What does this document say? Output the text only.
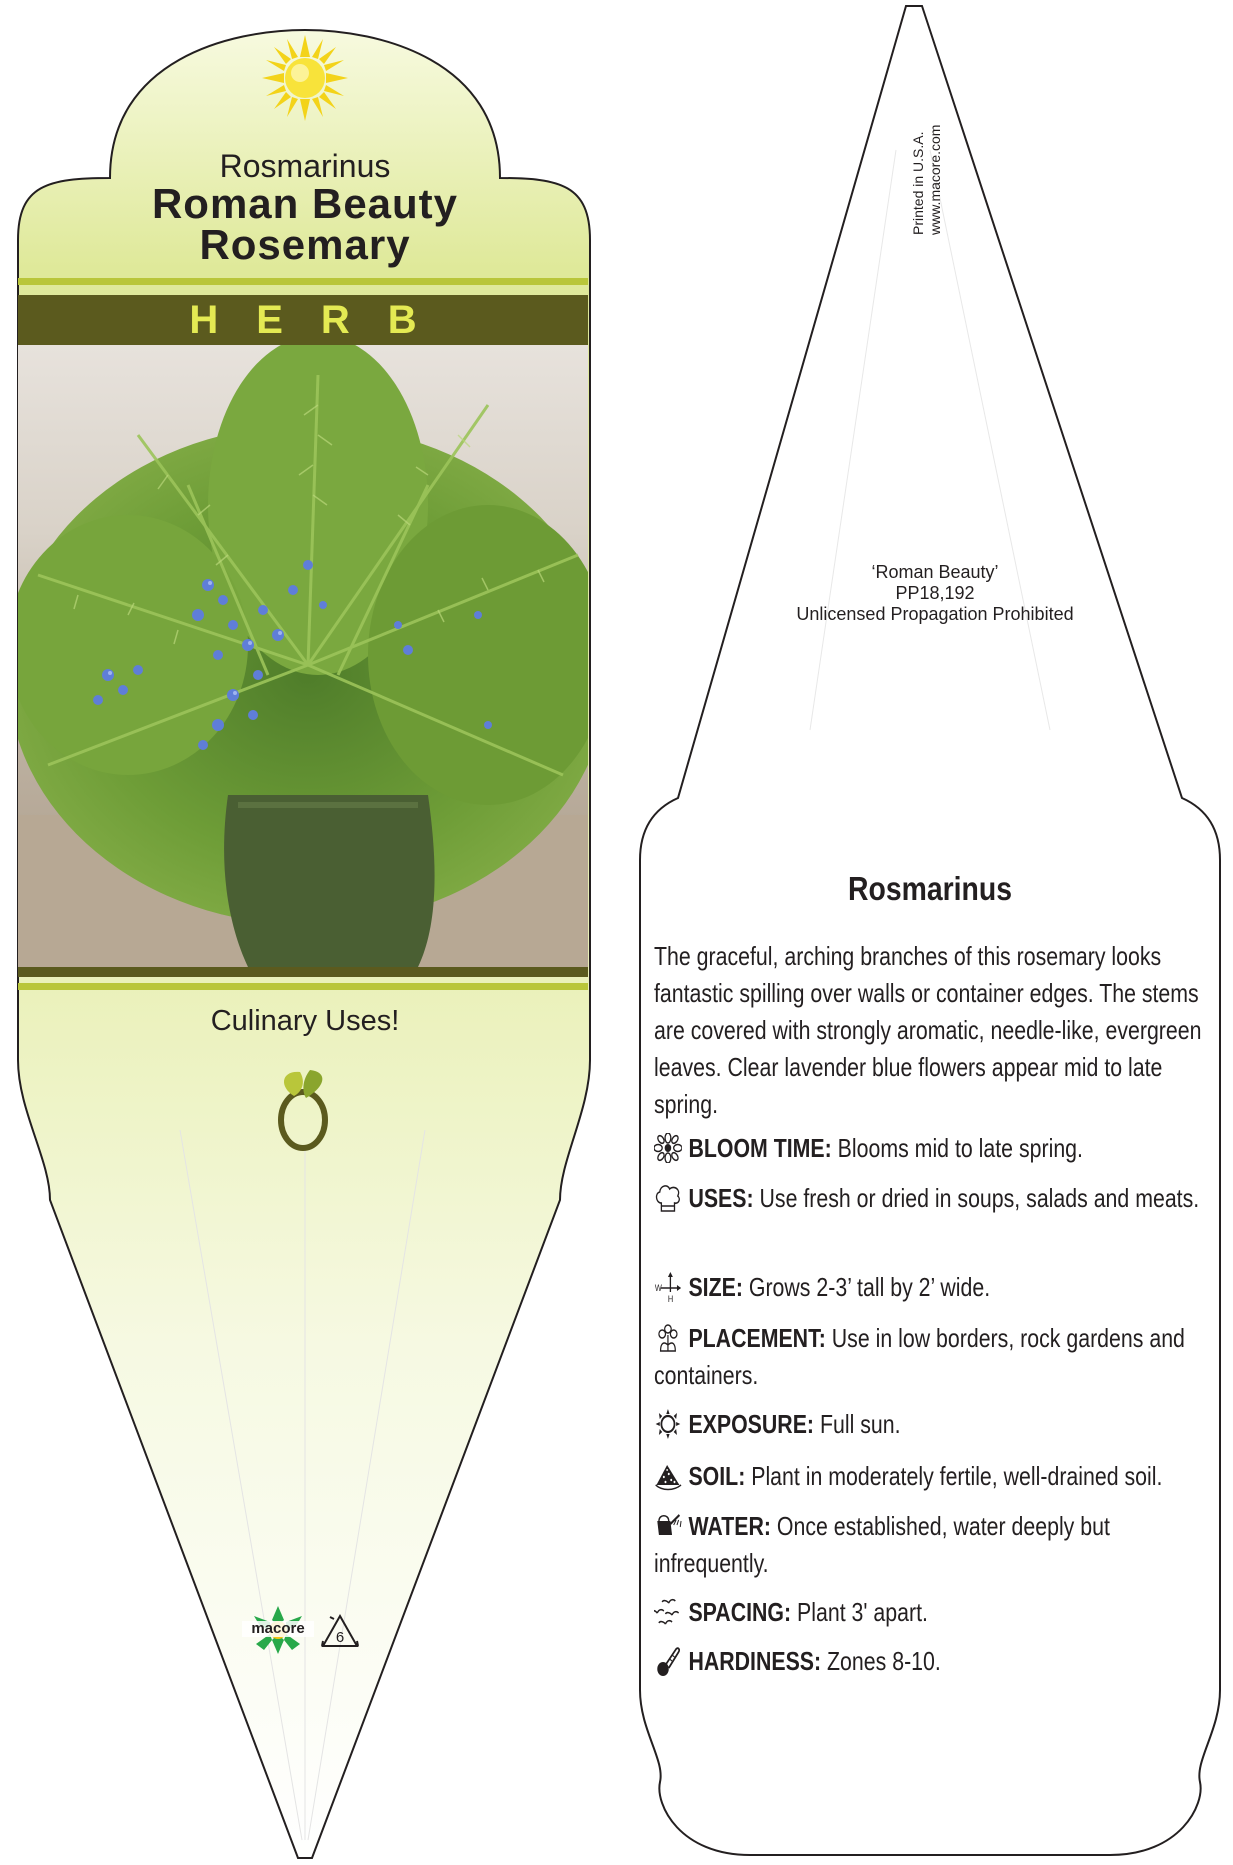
Rosmarinus
Roman Beauty
Rosemary
HERB
Culinary Uses!
macore
6
Printed in U.S.A. www.macore.com
‘Roman Beauty’
PP18,192
Unlicensed Propagation Prohibited
Rosmarinus
The graceful, arching branches of this rosemary looks fantastic spilling over walls or container edges. The stems are covered with strongly aromatic, needle-like, evergreen leaves. Clear lavender blue flowers appear mid to late spring.
BLOOM TIME: Blooms mid to late spring.
USES: Use fresh or dried in soups, salads and meats.
W
H SIZE: Grows 2-3’ tall by 2’ wide.
PLACEMENT: Use in low borders, rock gardens and containers.
EXPOSURE: Full sun.
SOIL: Plant in moderately fertile, well-drained soil.
WATER: Once established, water deeply but infrequently.
SPACING: Plant 3' apart.
HARDINESS: Zones 8-10.
